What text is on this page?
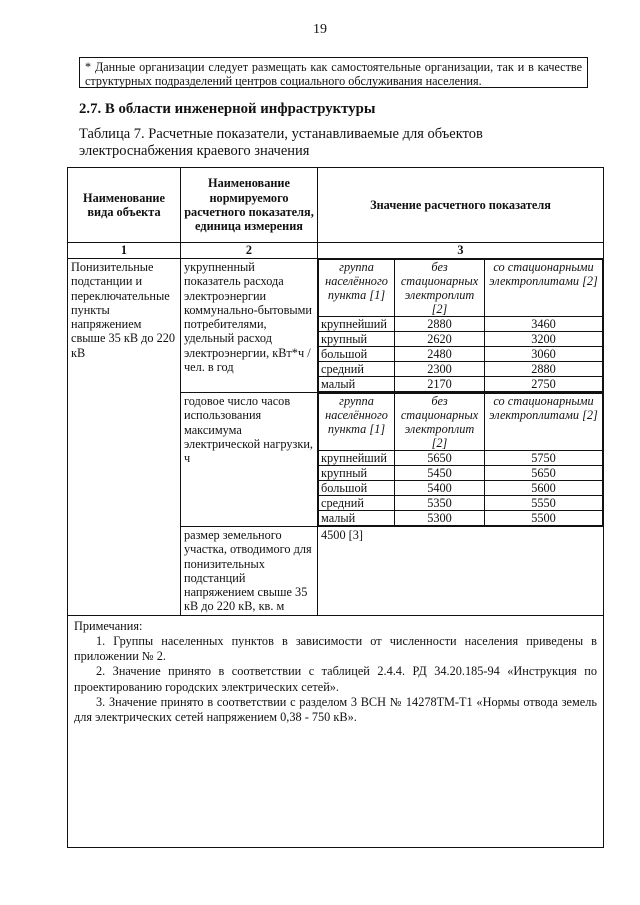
19
* Данные организации следует размещать как самостоятельные организации, так и в качестве структурных подразделений центров социального обслуживания населения.
2.7. В области инженерной инфраструктуры
Таблица 7. Расчетные показатели, устанавливаемые для объектов электроснабжения краевого значения
Наименование вида объекта	Наименование нормируемого расчетного показателя, единица измерения	Значение расчетного показателя
1	2	3
Понизительные подстанции и переключательные пункты напряжением свыше 35 кВ до 220 кВ	укрупненный показатель расхода электроэнергии коммунально-бытовыми потребителями, удельный расход электроэнергии, кВт*ч /чел. в год	
группа населённого пункта [1]	без стационарных электроплит [2]	со стационарными электроплитами [2]
крупнейший	2880	3460
крупный	2620	3200
большой	2480	3060
средний	2300	2880
малый	2170	2750

годовое число часов использования максимума электрической нагрузки, ч	
группа населённого пункта [1]	без стационарных электроплит [2]	со стационарными электроплитами [2]
крупнейший	5650	5750
крупный	5450	5650
большой	5400	5600
средний	5350	5550
малый	5300	5500

размер земельного участка, отводимого для понизительных подстанций напряжением свыше 35 кВ до 220 кВ, кв. м	4500 [3]

Примечания:
1. Группы населенных пунктов в зависимости от численности населения приведены в приложении № 2.
2. Значение принято в соответствии с таблицей 2.4.4. РД 34.20.185-94 «Инструкция по проектированию городских электрических сетей».
3. Значение принято в соответствии с разделом 3 ВСН № 14278ТМ-Т1 «Нормы отвода земель для электрических сетей напряжением 0,38 - 750 кВ».
